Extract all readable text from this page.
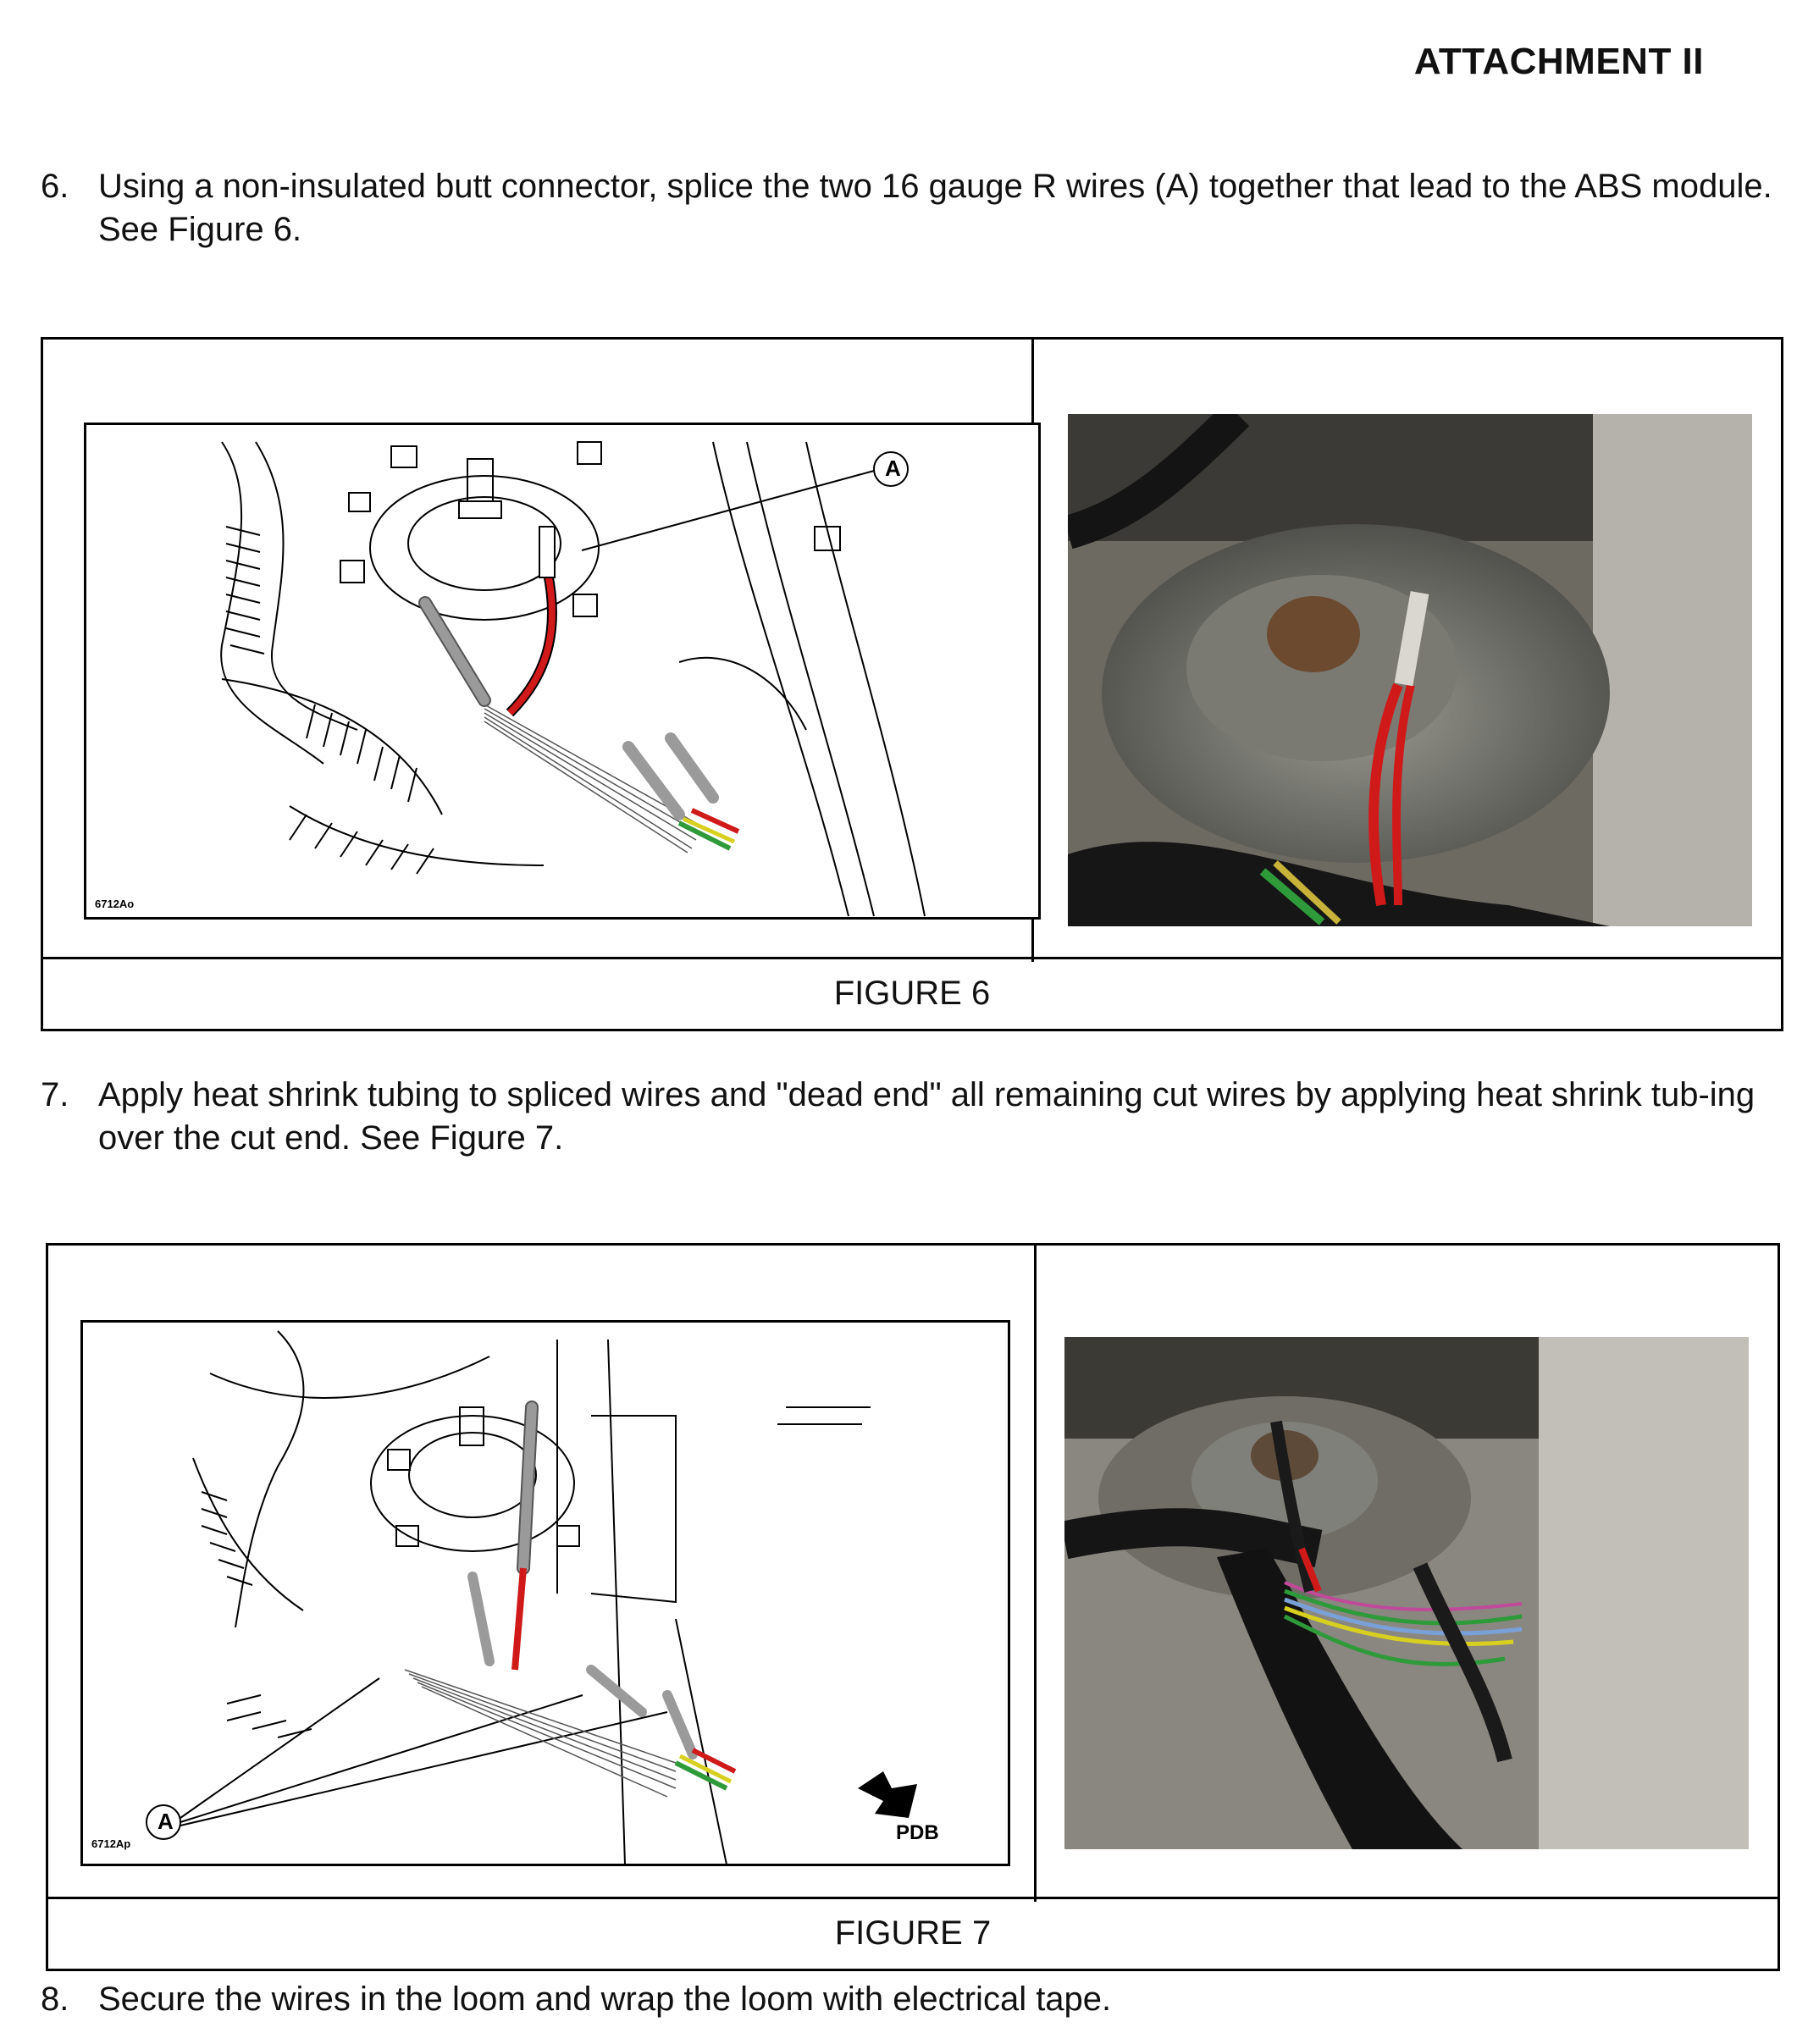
ATTACHMENT II
6. Using a non-insulated butt connector, splice the two 16 gauge R wires (A) together that lead to the ABS module. See Figure 6.
A
6712Ao
FIGURE 6
7. Apply heat shrink tubing to spliced wires and "dead end" all remaining cut wires by applying heat shrink tub-ing over the cut end. See Figure 7.
A	PDB
6712Ap
FIGURE 7
8. Secure the wires in the loom and wrap the loom with electrical tape.
